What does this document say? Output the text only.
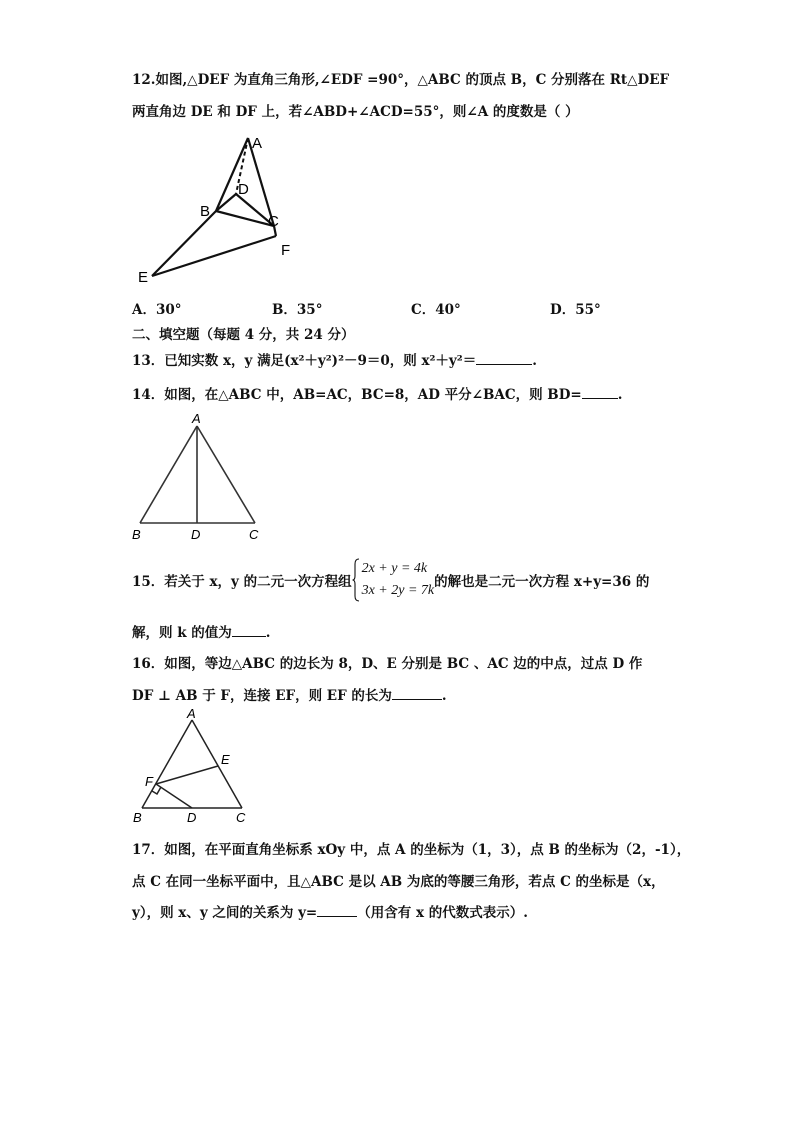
12.如图,△DEF 为直角三角形,∠EDF =90°，△ABC 的顶点 B，C 分别落在 Rt△DEF
两直角边 DE 和 DF 上，若∠ABD+∠ACD=55°，则∠A 的度数是（ ）
A
D
B
C
F
E
A．30°	B．35°	C．40°	D．55°
二、填空题（每题 4 分，共 24 分）
13．已知实数 x，y 满足(x²＋y²)²－9＝0，则 x²＋y²＝	.
14．如图，在△ABC 中，AB=AC，BC=8，AD 平分∠BAC，则 BD=	.
A
B	D	C
15．若关于 x，y 的二元一次方程组
2x + y = 4k
3x + 2y = 7k的解也是二元一次方程 x+y=36 的
解，则 k 的值为	.
16．如图，等边△ABC 的边长为 8，D、E 分别是 BC 、AC 边的中点，过点 D 作
DF ⊥ AB 于 F，连接 EF，则 EF 的长为	.
A
E
F
B	D	C
17．如图，在平面直角坐标系 xOy 中，点 A 的坐标为（1，3），点 B 的坐标为（2，-1），
点 C 在同一坐标平面中，且△ABC 是以 AB 为底的等腰三角形，若点 C 的坐标是（x，
y），则 x、y 之间的关系为 y=	（用含有 x 的代数式表示）.
